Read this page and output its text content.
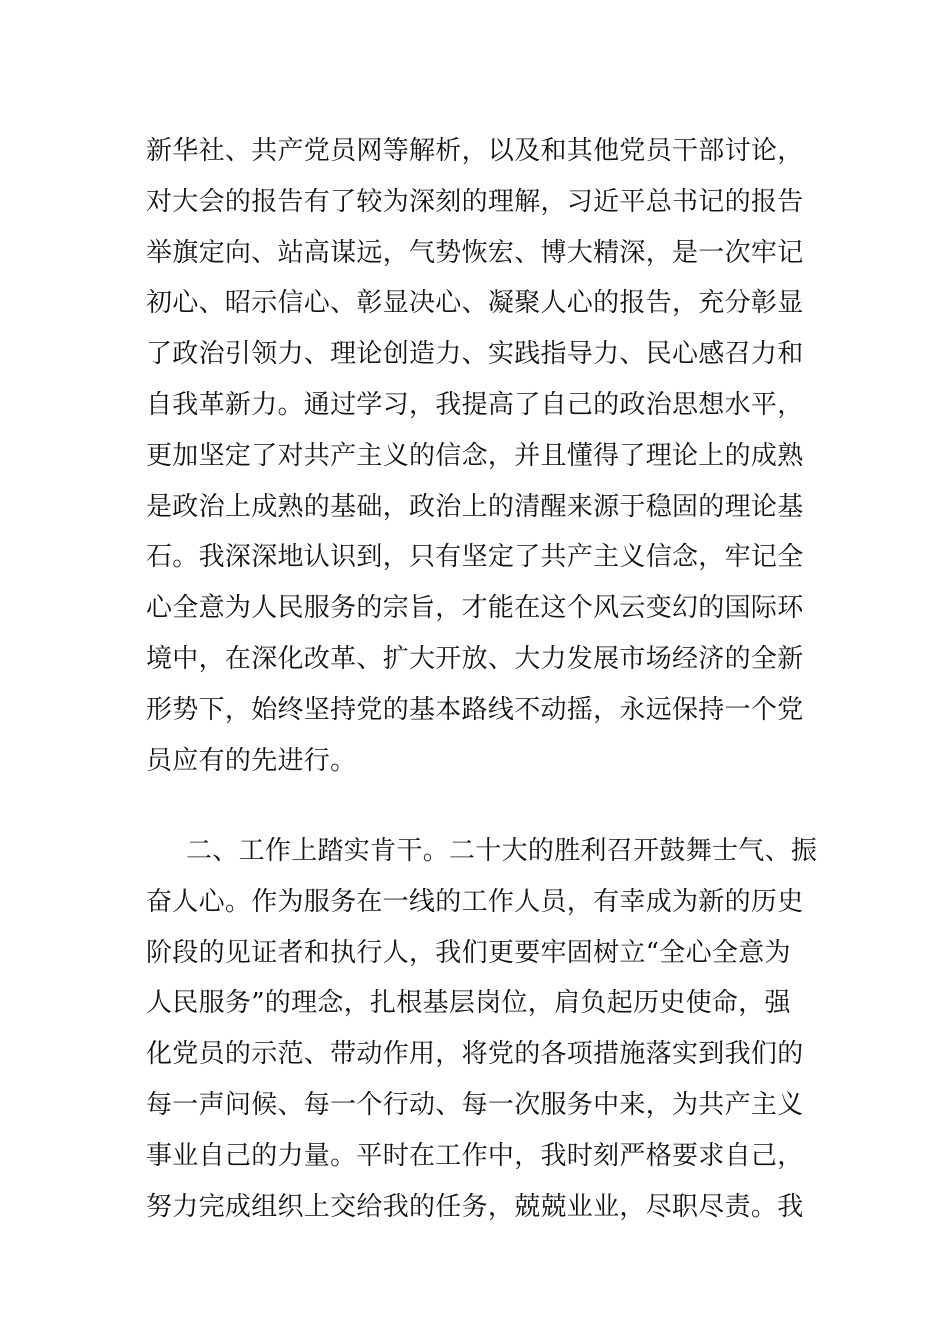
新华社、共产党员网等解析，以及和其他党员干部讨论，
对大会的报告有了较为深刻的理解，习近平总书记的报告
举旗定向、站高谋远，气势恢宏、博大精深，是一次牢记
初心、昭示信心、彰显决心、凝聚人心的报告，充分彰显
了政治引领力、理论创造力、实践指导力、民心感召力和
自我革新力。通过学习，我提高了自己的政治思想水平，
更加坚定了对共产主义的信念，并且懂得了理论上的成熟
是政治上成熟的基础，政治上的清醒来源于稳固的理论基
石。我深深地认识到，只有坚定了共产主义信念，牢记全
心全意为人民服务的宗旨，才能在这个风云变幻的国际环
境中，在深化改革、扩大开放、大力发展市场经济的全新
形势下，始终坚持党的基本路线不动摇，永远保持一个党
员应有的先进行。
二、工作上踏实肯干。二十大的胜利召开鼓舞士气、振
奋人心。作为服务在一线的工作人员，有幸成为新的历史
阶段的见证者和执行人，我们更要牢固树立“全心全意为
人民服务”的理念，扎根基层岗位，肩负起历史使命，强
化党员的示范、带动作用，将党的各项措施落实到我们的
每一声问候、每一个行动、每一次服务中来，为共产主义
事业自己的力量。平时在工作中，我时刻严格要求自己，
努力完成组织上交给我的任务，兢兢业业，尽职尽责。我
